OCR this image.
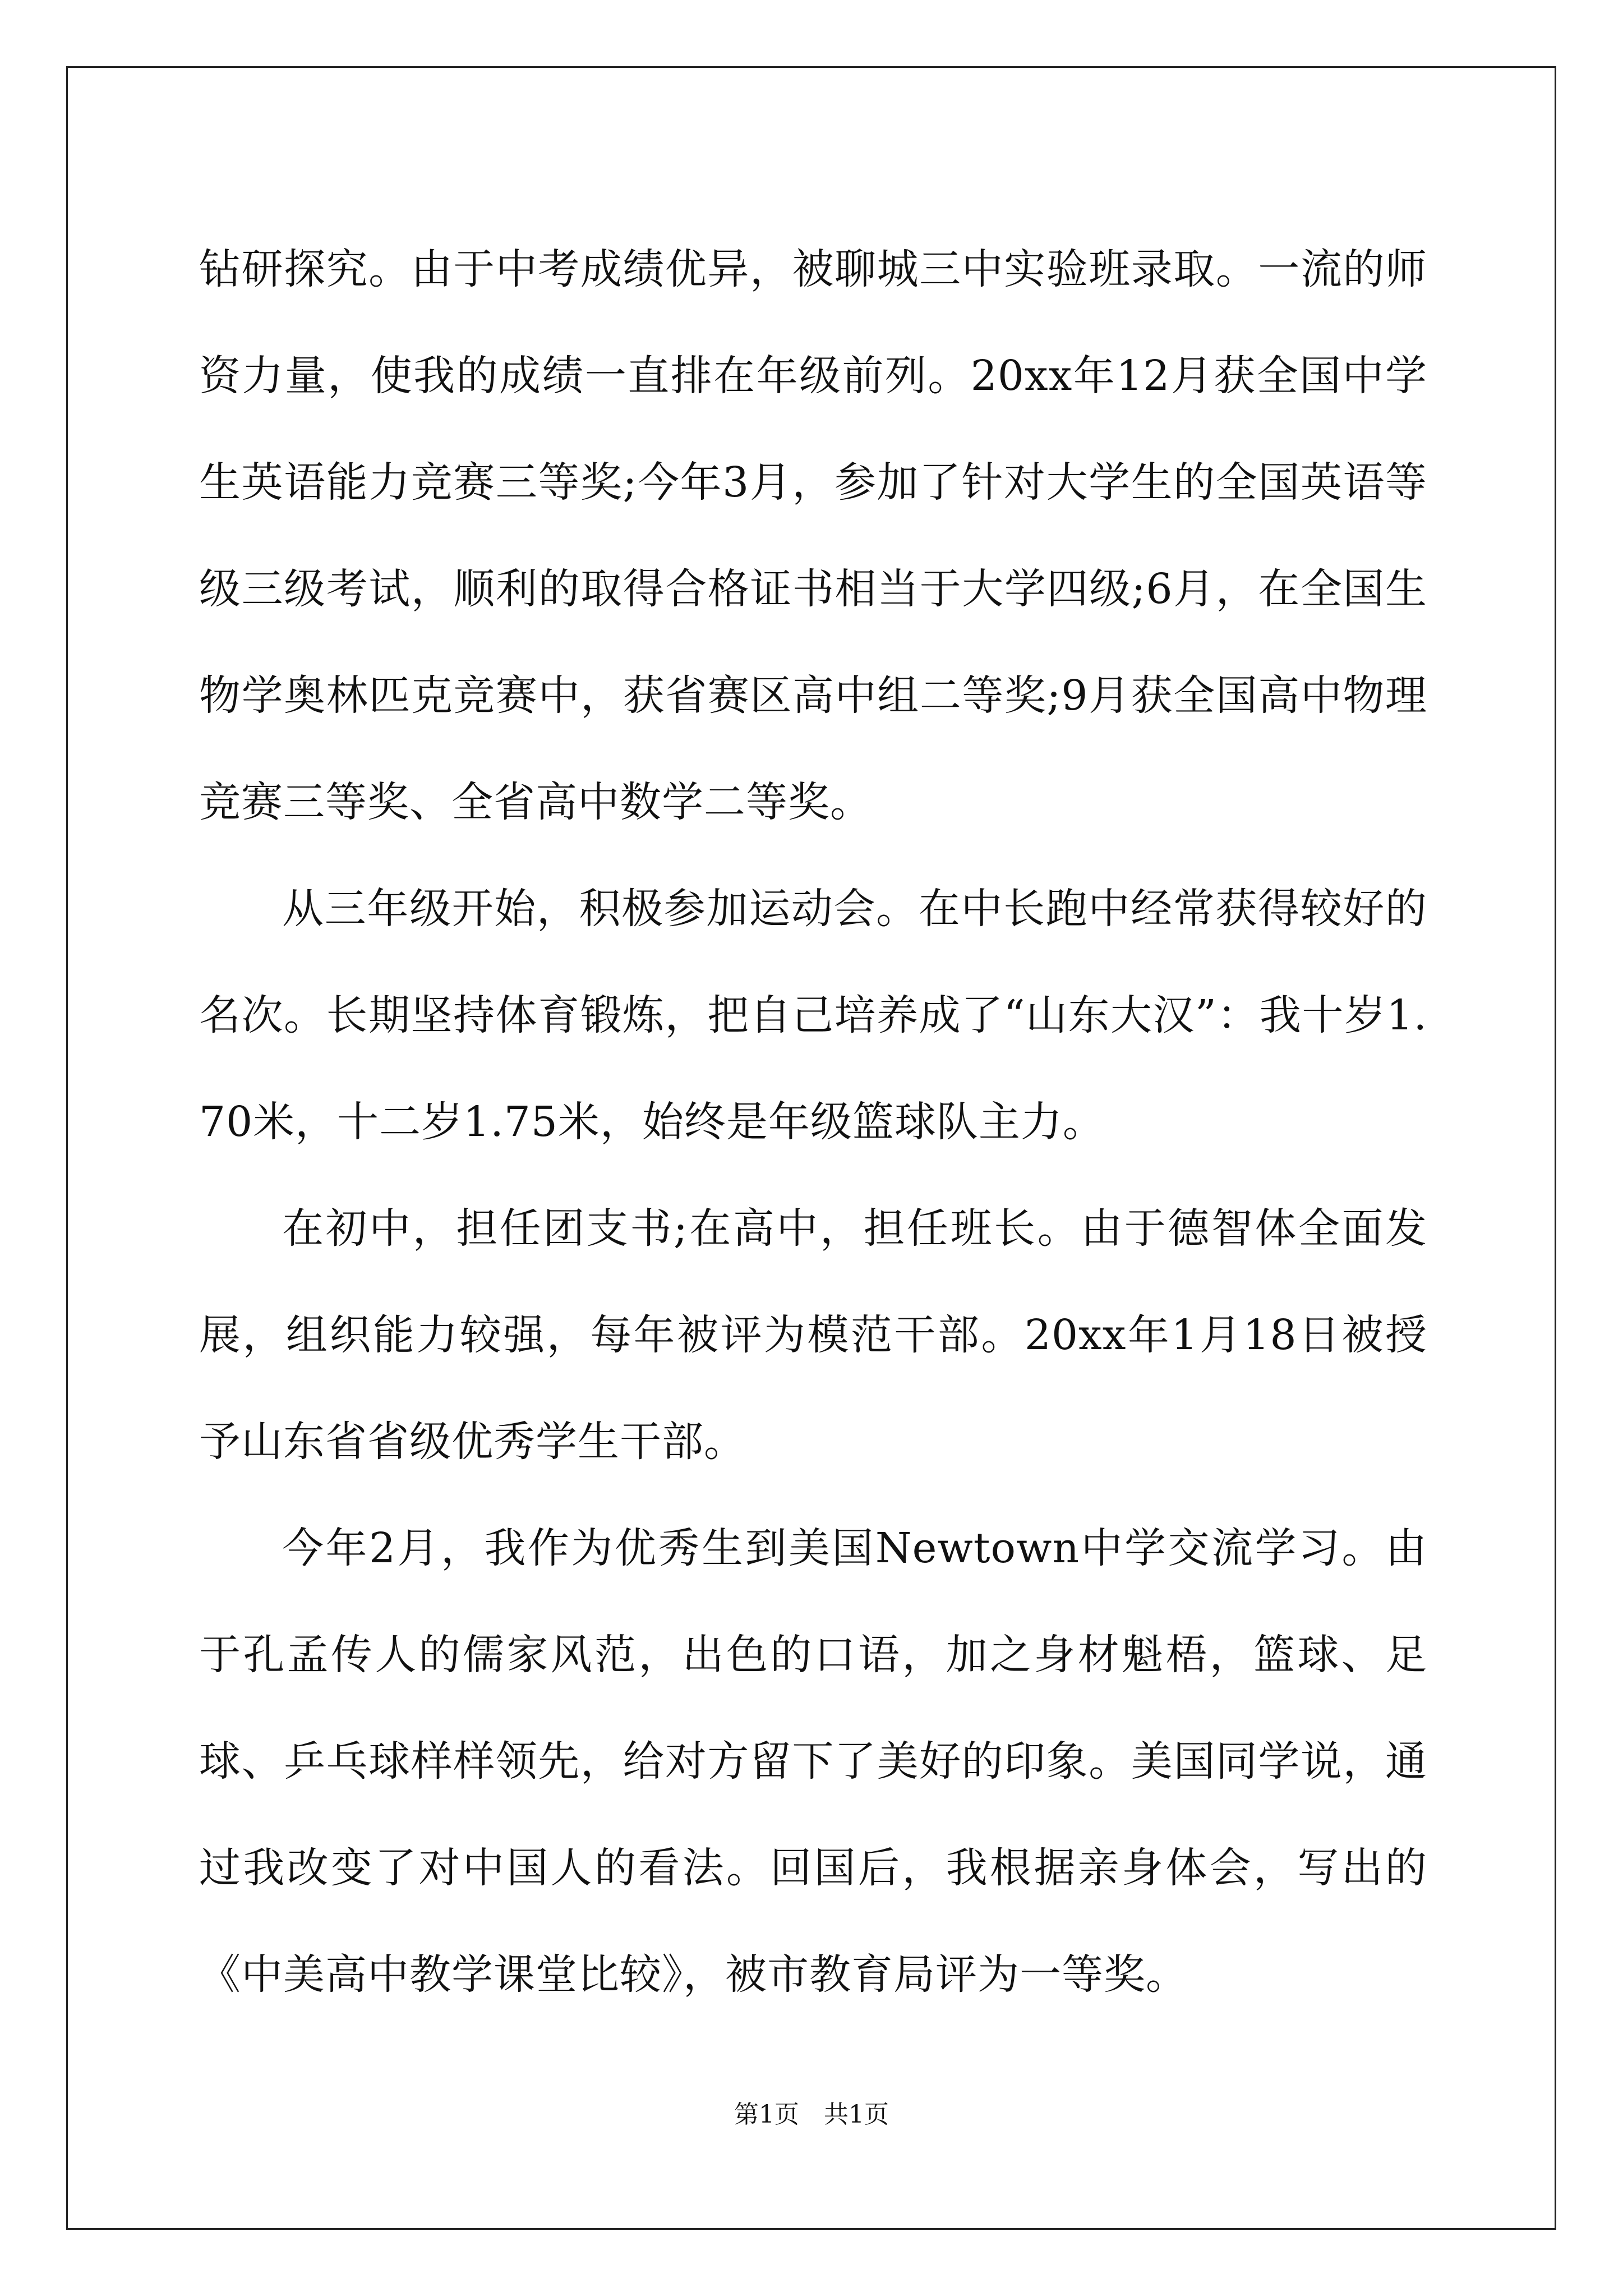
钻研探究。由于中考成绩优异，被聊城三中实验班录取。一流的师资力量，使我的成绩一直排在年级前列。20xx年12月获全国中学生英语能力竞赛三等奖;今年3月，参加了针对大学生的全国英语等级三级考试，顺利的取得合格证书相当于大学四级;6月，在全国生物学奥林匹克竞赛中，获省赛区高中组二等奖;9月获全国高中物理竞赛三等奖、全省高中数学二等奖。

从三年级开始，积极参加运动会。在中长跑中经常获得较好的名次。长期坚持体育锻炼，把自己培养成了“山东大汉”：我十岁1.70米，十二岁1.75米，始终是年级篮球队主力。

在初中，担任团支书;在高中，担任班长。由于德智体全面发展，组织能力较强，每年被评为模范干部。20xx年1月18日被授予山东省省级优秀学生干部。

今年2月，我作为优秀生到美国Newtown中学交流学习。由于孔孟传人的儒家风范，出色的口语，加之身材魁梧，篮球、足球、乒乓球样样领先，给对方留下了美好的印象。美国同学说，通过我改变了对中国人的看法。回国后，我根据亲身体会，写出的《中美高中教学课堂比较》，被市教育局评为一等奖。

第1页　共1页
